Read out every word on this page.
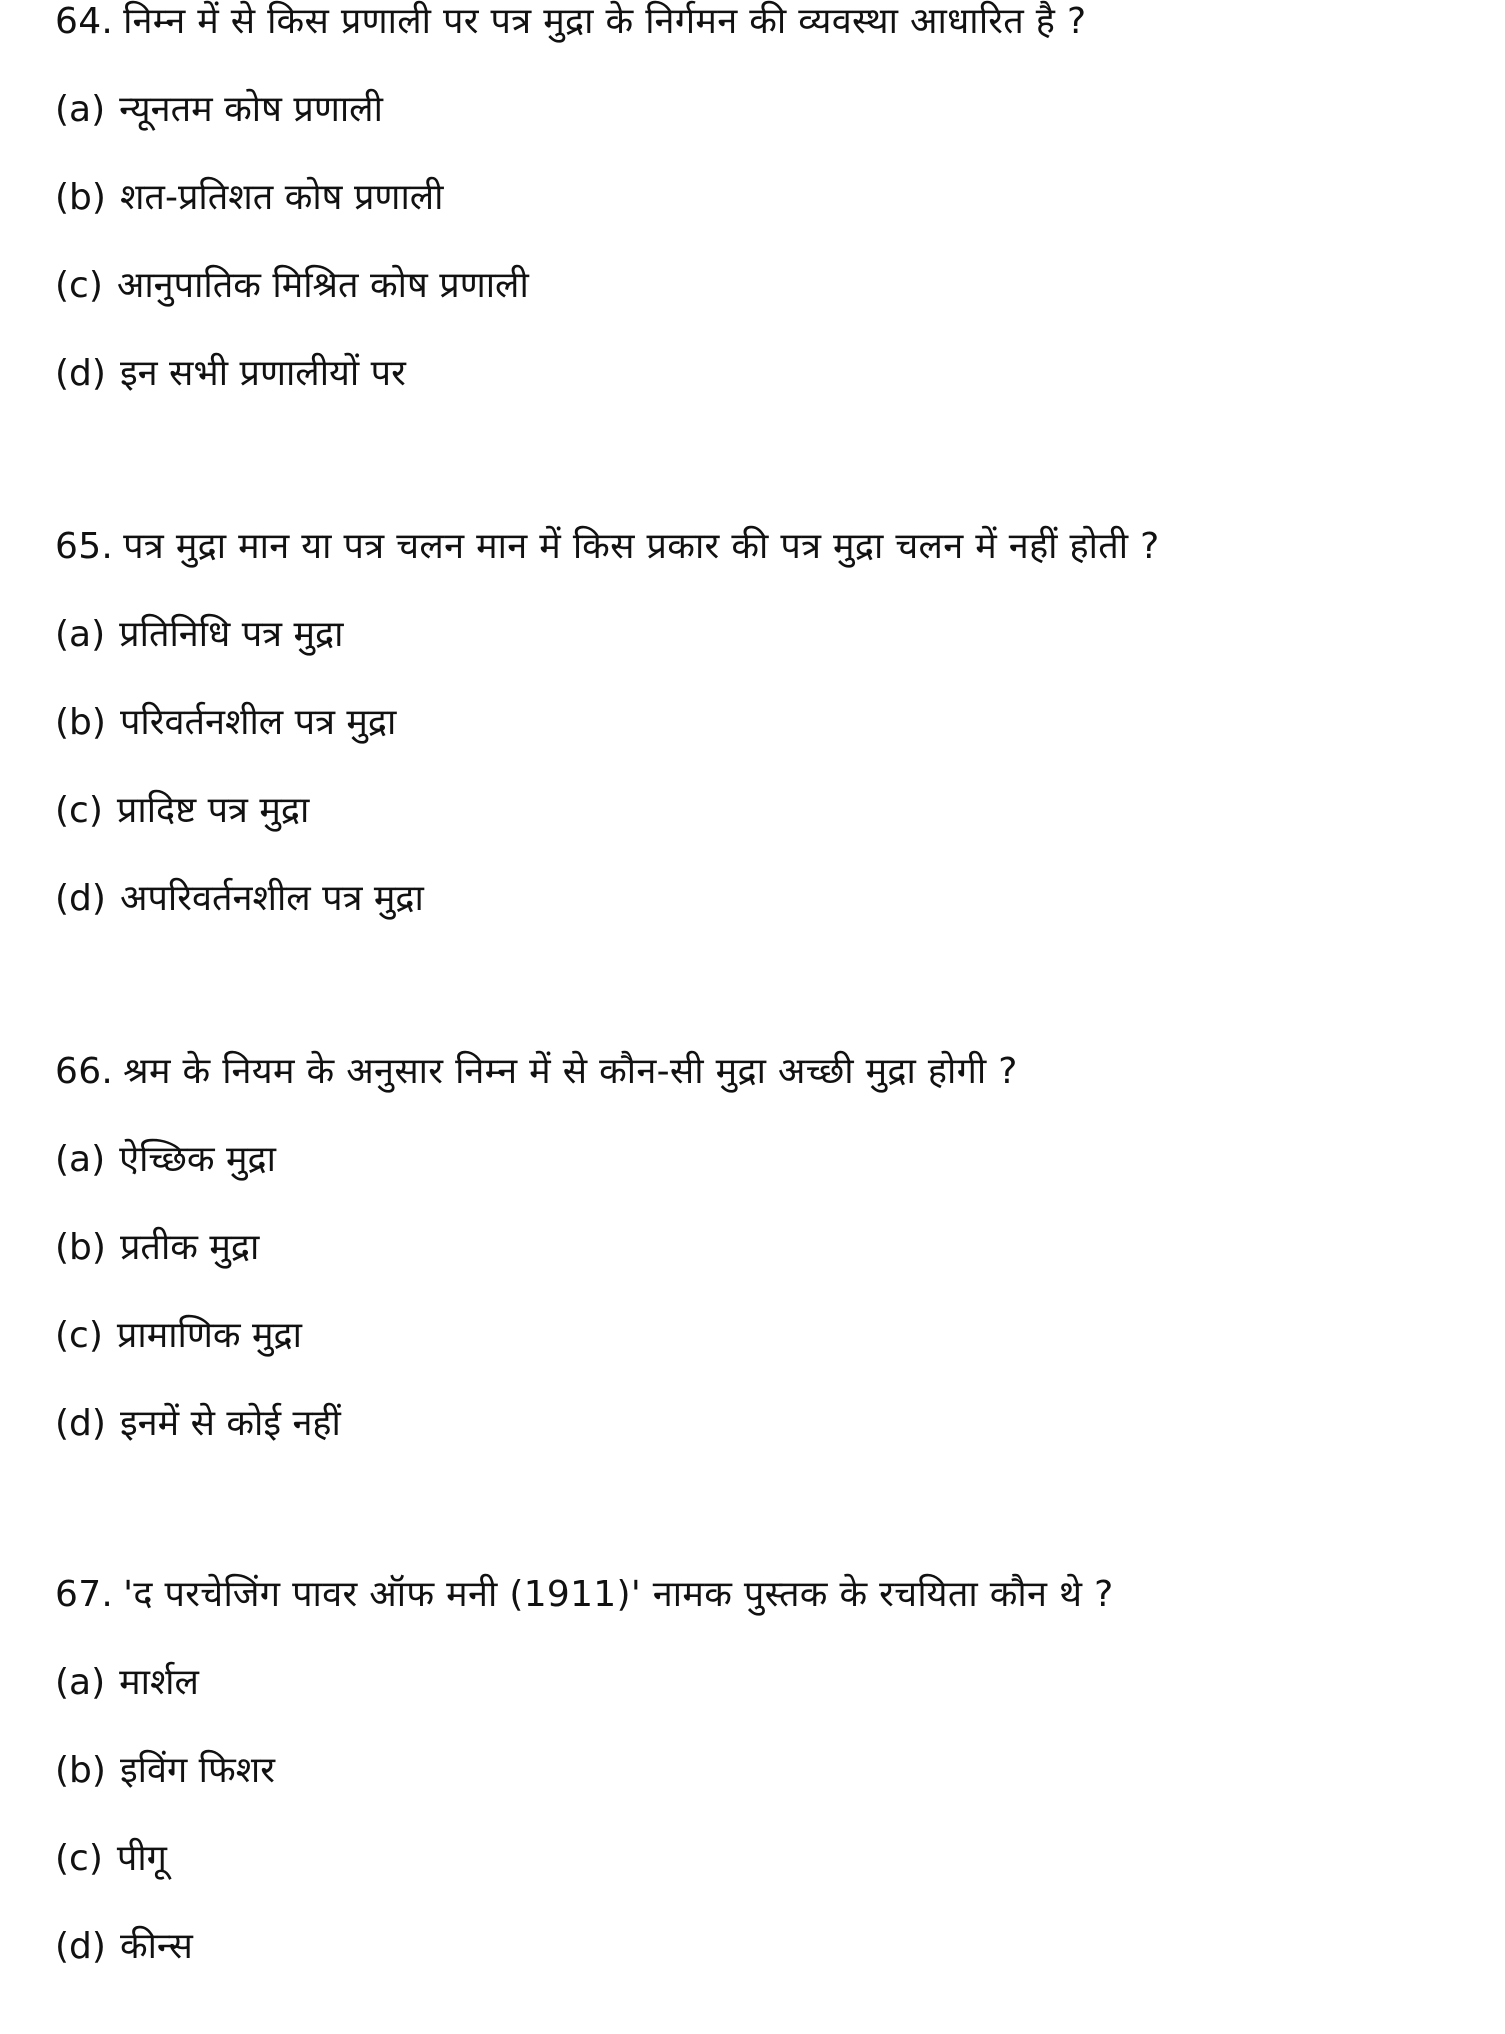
64. निम्न में से किस प्रणाली पर पत्र मुद्रा के निर्गमन की व्यवस्था आधारित है ?
(a) न्यूनतम कोष प्रणाली
(b) शत-प्रतिशत कोष प्रणाली
(c) आनुपातिक मिश्रित कोष प्रणाली
(d) इन सभी प्रणालीयों पर
65. पत्र मुद्रा मान या पत्र चलन मान में किस प्रकार की पत्र मुद्रा चलन में नहीं होती ?
(a) प्रतिनिधि पत्र मुद्रा
(b) परिवर्तनशील पत्र मुद्रा
(c) प्रादिष्ट पत्र मुद्रा
(d) अपरिवर्तनशील पत्र मुद्रा
66. श्रम के नियम के अनुसार निम्न में से कौन-सी मुद्रा अच्छी मुद्रा होगी ?
(a) ऐच्छिक मुद्रा
(b) प्रतीक मुद्रा
(c) प्रामाणिक मुद्रा
(d) इनमें से कोई नहीं
67. 'द परचेजिंग पावर ऑफ मनी (1911)' नामक पुस्तक के रचयिता कौन थे ?
(a) मार्शल
(b) इविंग फिशर
(c) पीगू
(d) कीन्स
